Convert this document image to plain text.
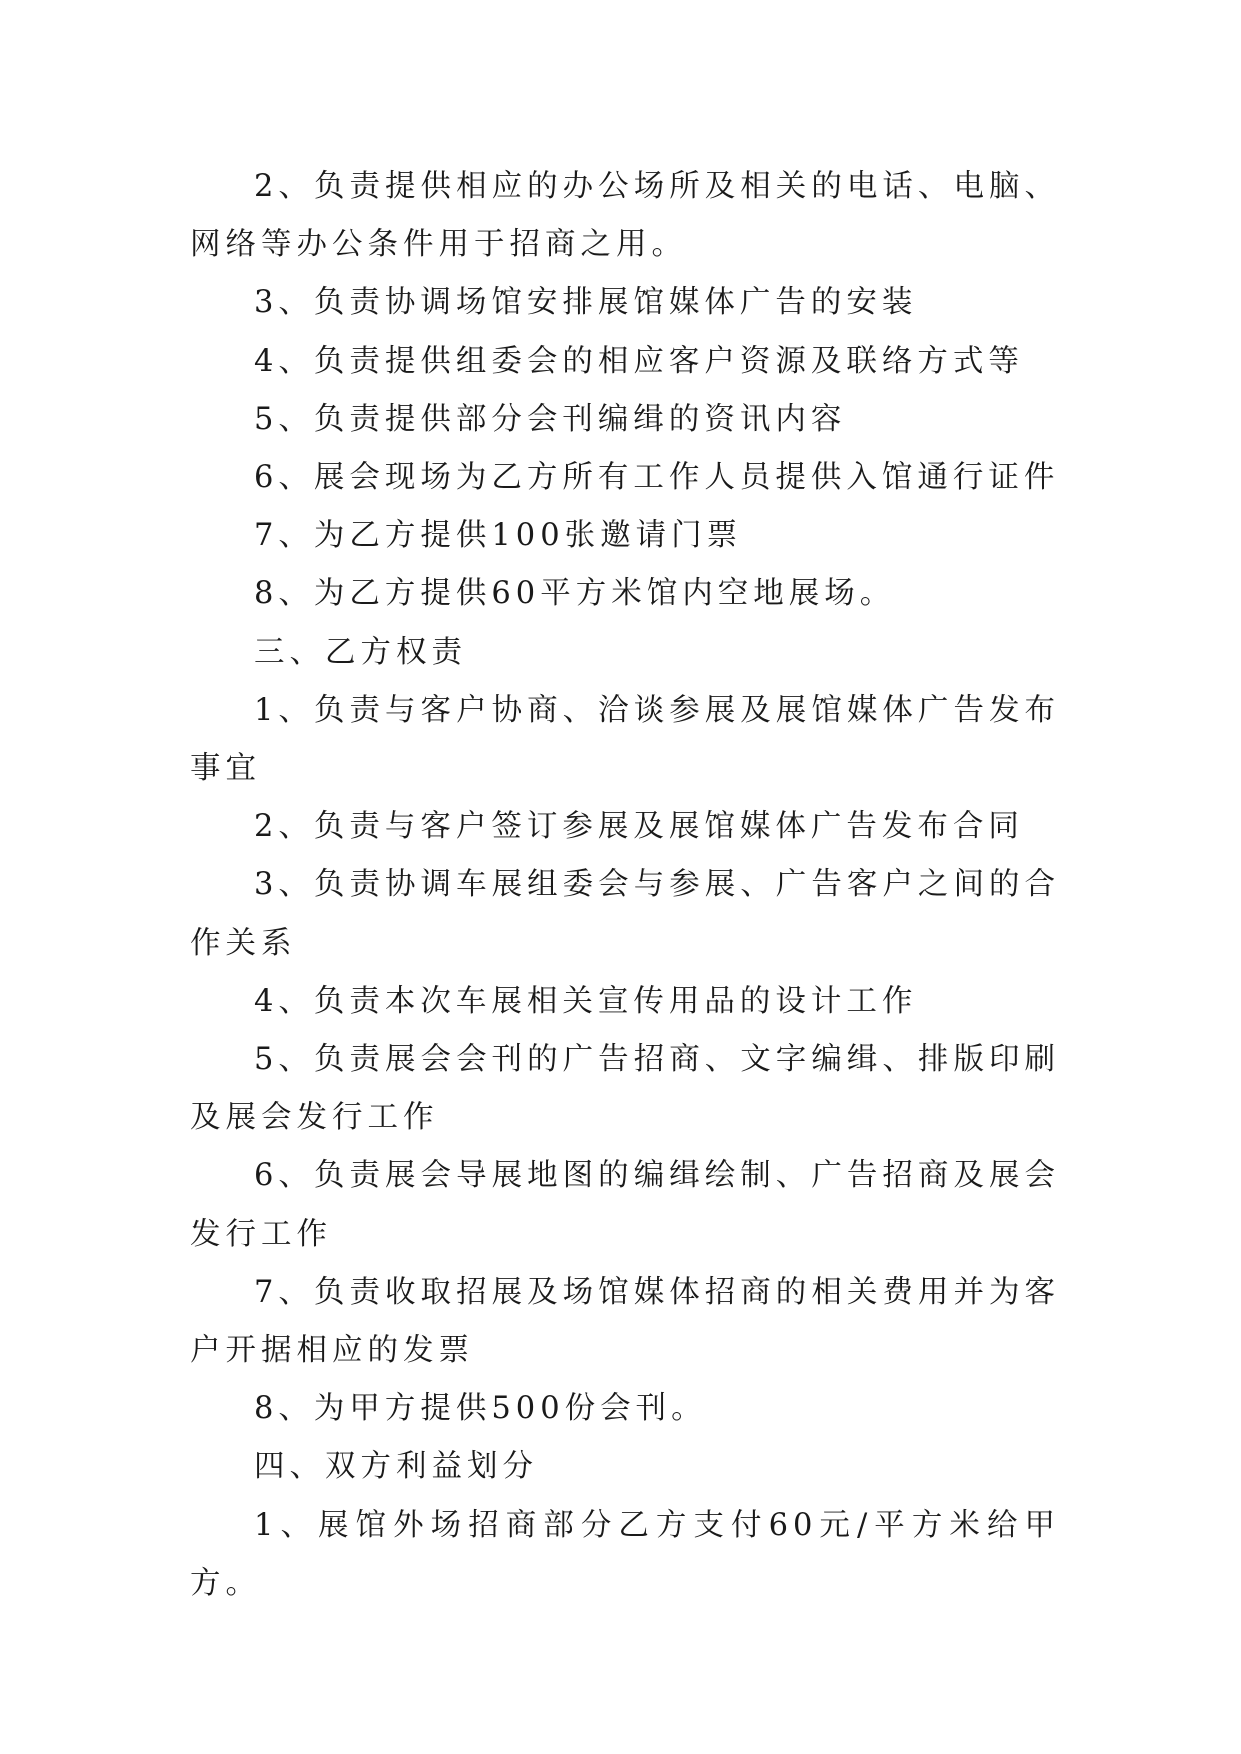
2、负责提供相应的办公场所及相关的电话、电脑、网络等办公条件用于招商之用。

3、负责协调场馆安排展馆媒体广告的安装

4、负责提供组委会的相应客户资源及联络方式等

5、负责提供部分会刊编缉的资讯内容

6、展会现场为乙方所有工作人员提供入馆通行证件

7、为乙方提供100张邀请门票

8、为乙方提供60平方米馆内空地展场。

三、乙方权责

1、负责与客户协商、洽谈参展及展馆媒体广告发布事宜

2、负责与客户签订参展及展馆媒体广告发布合同

3、负责协调车展组委会与参展、广告客户之间的合作关系

4、负责本次车展相关宣传用品的设计工作

5、负责展会会刊的广告招商、文字编缉、排版印刷及展会发行工作

6、负责展会导展地图的编缉绘制、广告招商及展会发行工作

7、负责收取招展及场馆媒体招商的相关费用并为客户开据相应的发票

8、为甲方提供500份会刊。

四、双方利益划分

1、展馆外场招商部分乙方支付60元/平方米给甲方。
